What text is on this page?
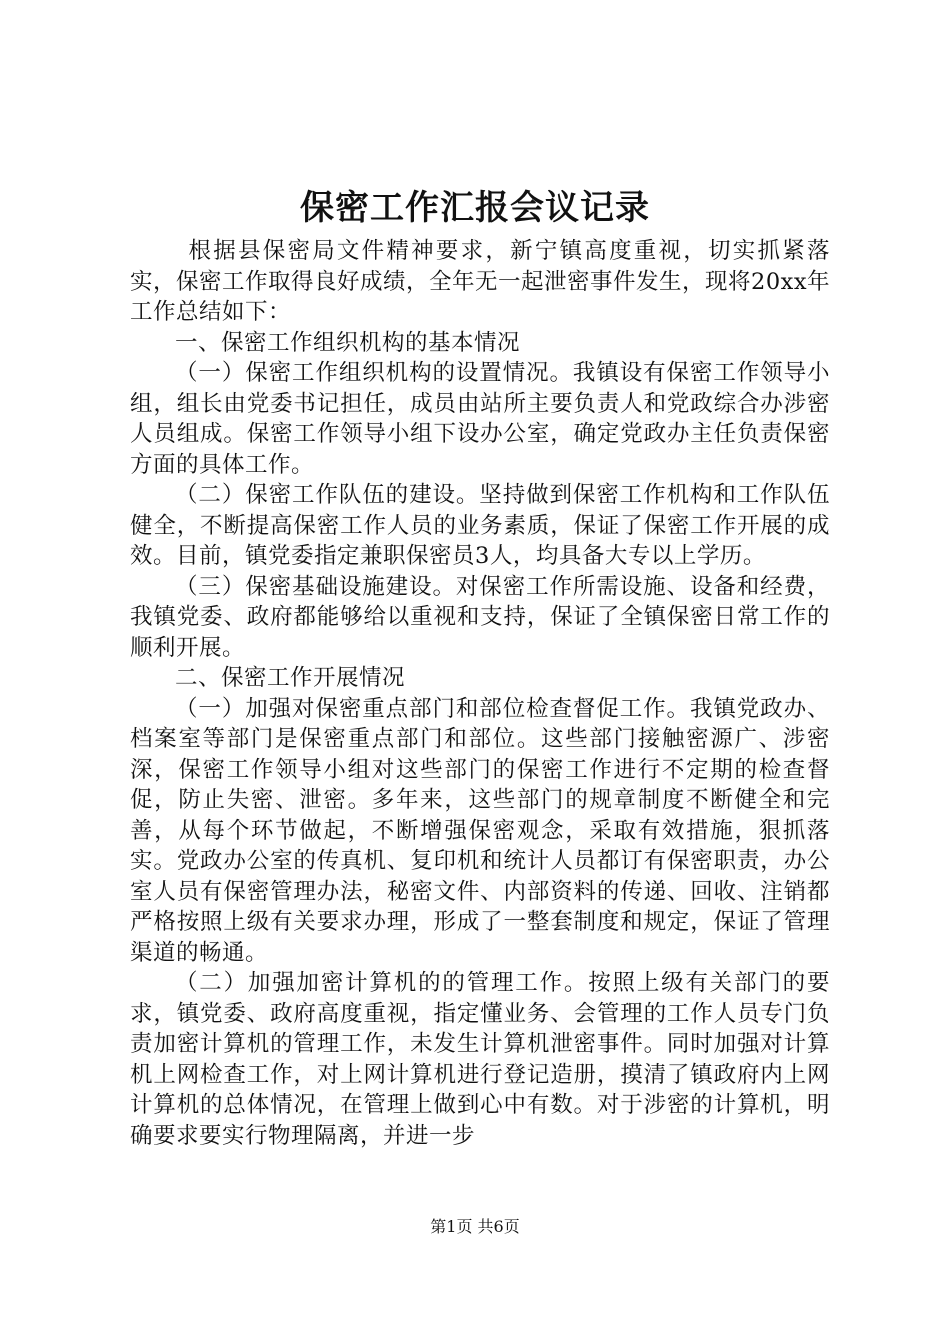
保密工作汇报会议记录

根据县保密局文件精神要求，新宁镇高度重视，切实抓紧落实，保密工作取得良好成绩，全年无一起泄密事件发生，现将20xx年工作总结如下：

一、保密工作组织机构的基本情况

（一）保密工作组织机构的设置情况。我镇设有保密工作领导小组，组长由党委书记担任，成员由站所主要负责人和党政综合办涉密人员组成。保密工作领导小组下设办公室，确定党政办主任负责保密方面的具体工作。

（二）保密工作队伍的建设。坚持做到保密工作机构和工作队伍健全，不断提高保密工作人员的业务素质，保证了保密工作开展的成效。目前，镇党委指定兼职保密员3人，均具备大专以上学历。

（三）保密基础设施建设。对保密工作所需设施、设备和经费，我镇党委、政府都能够给以重视和支持，保证了全镇保密日常工作的顺利开展。

二、保密工作开展情况

（一）加强对保密重点部门和部位检查督促工作。我镇党政办、档案室等部门是保密重点部门和部位。这些部门接触密源广、涉密深，保密工作领导小组对这些部门的保密工作进行不定期的检查督促，防止失密、泄密。多年来，这些部门的规章制度不断健全和完善，从每个环节做起，不断增强保密观念，采取有效措施，狠抓落实。党政办公室的传真机、复印机和统计人员都订有保密职责，办公室人员有保密管理办法，秘密文件、内部资料的传递、回收、注销都严格按照上级有关要求办理，形成了一整套制度和规定，保证了管理渠道的畅通。

（二）加强加密计算机的的管理工作。按照上级有关部门的要求，镇党委、政府高度重视，指定懂业务、会管理的工作人员专门负责加密计算机的管理工作，未发生计算机泄密事件。同时加强对计算机上网检查工作，对上网计算机进行登记造册，摸清了镇政府内上网计算机的总体情况，在管理上做到心中有数。对于涉密的计算机，明确要求要实行物理隔离，并进一步

第1页 共6页
